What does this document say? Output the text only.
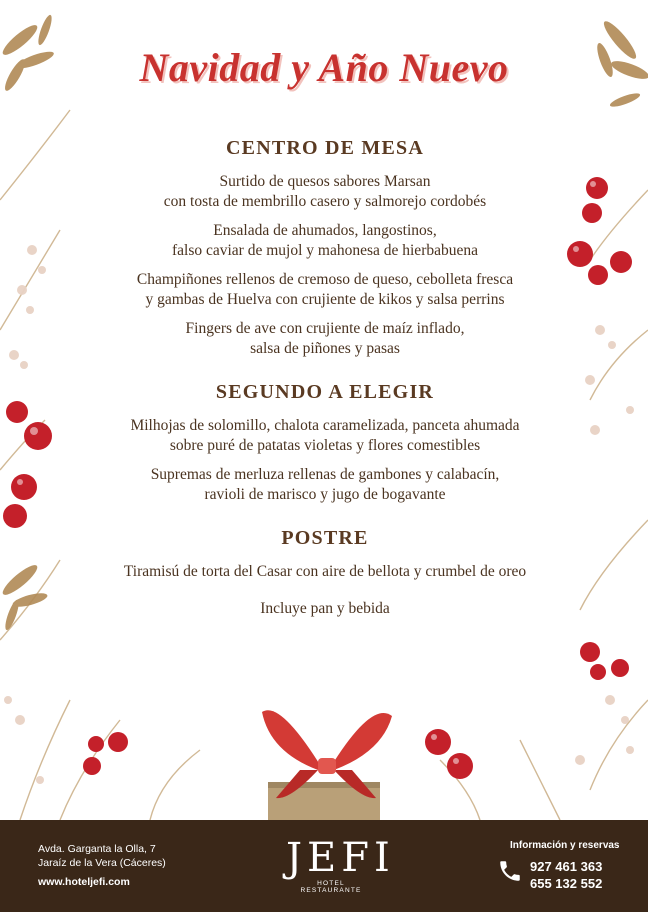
Navidad y Año Nuevo
CENTRO DE MESA
Surtido de quesos sabores Marsan
con tosta de membrillo casero y salmorejo cordobés
Ensalada de ahumados, langostinos,
falso caviar de mujol y mahonesa de hierbabuena
Champiñones rellenos de cremoso de queso, cebolleta fresca
y gambas de Huelva con crujiente de kikos y salsa perrins
Fingers de ave con crujiente de maíz inflado,
salsa de piñones y pasas
SEGUNDO A ELEGIR
Milhojas de solomillo, chalota caramelizada, panceta ahumada
sobre puré de patatas violetas y flores comestibles
Supremas de merluza rellenas de gambones y calabacín,
ravioli de marisco y jugo de bogavante
POSTRE
Tiramisú de torta del Casar con aire de bellota y crumbel de oreo
Incluye pan y bebida
Avda. Garganta la Olla, 7
Jaraíz de la Vera (Cáceres)
www.hoteljefi.com
JEFI
HOTEL RESTAURANTE
Información y reservas
927 461 363
655 132 552
